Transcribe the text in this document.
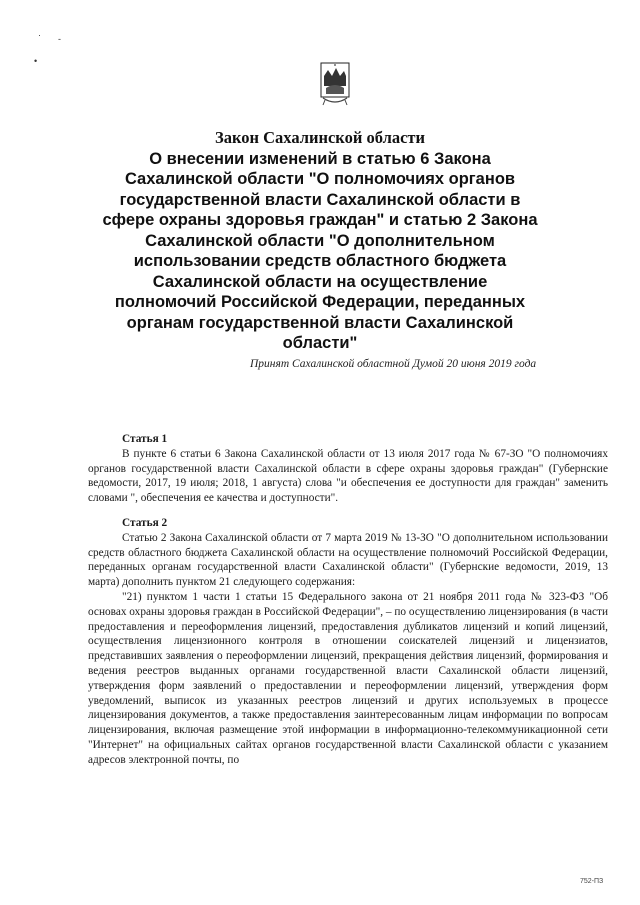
· -
•
Закон Сахалинской области
О внесении изменений в статью 6 Закона
Сахалинской области "О полномочиях органов
государственной власти Сахалинской области в
сфере охраны здоровья граждан" и статью 2 Закона
Сахалинской области "О дополнительном
использовании средств областного бюджета
Сахалинской области на осуществление
полномочий Российской Федерации, переданных
органам государственной власти Сахалинской
области"
Принят Сахалинской областной Думой 20 июня 2019 года

Статья 1

В пункте 6 статьи 6 Закона Сахалинской области от 13 июля 2017 года № 67-ЗО "О полномочиях органов государственной власти Сахалинской области в сфере охраны здоровья граждан" (Губернские ведомости, 2017, 19 июля; 2018, 1 августа) слова "и обеспечения ее доступности для граждан" заменить словами ", обеспечения ее качества и доступности".

Статья 2

Статью 2 Закона Сахалинской области от 7 марта 2019 № 13-ЗО "О дополнительном использовании средств областного бюджета Сахалинской области на осуществление полномочий Российской Федерации, переданных органам государственной власти Сахалинской области" (Губернские ведомости, 2019, 13 марта) дополнить пунктом 21 следующего содержания:

"21) пунктом 1 части 1 статьи 15 Федерального закона от 21 ноября 2011 года № 323-ФЗ "Об основах охраны здоровья граждан в Российской Федерации", – по осуществлению лицензирования (в части предоставления и переоформления лицензий, предоставления дубликатов лицензий и копий лицензий, осуществления лицензионного контроля в отношении соискателей лицензий и лицензиатов, представивших заявления о переоформлении лицензий, прекращения действия лицензий, формирования и ведения реестров выданных органами государственной власти Сахалинской области лицензий, утверждения форм заявлений о предоставлении и переоформлении лицензий, утверждения форм уведомлений, выписок из указанных реестров лицензий и других используемых в процессе лицензирования документов, а также предоставления заинтересованным лицам информации по вопросам лицензирования, включая размещение этой информации в информационно-телекоммуникационной сети "Интернет" на официальных сайтах органов государственной власти Сахалинской области с указанием адресов электронной почты, по

752-ПЗ
